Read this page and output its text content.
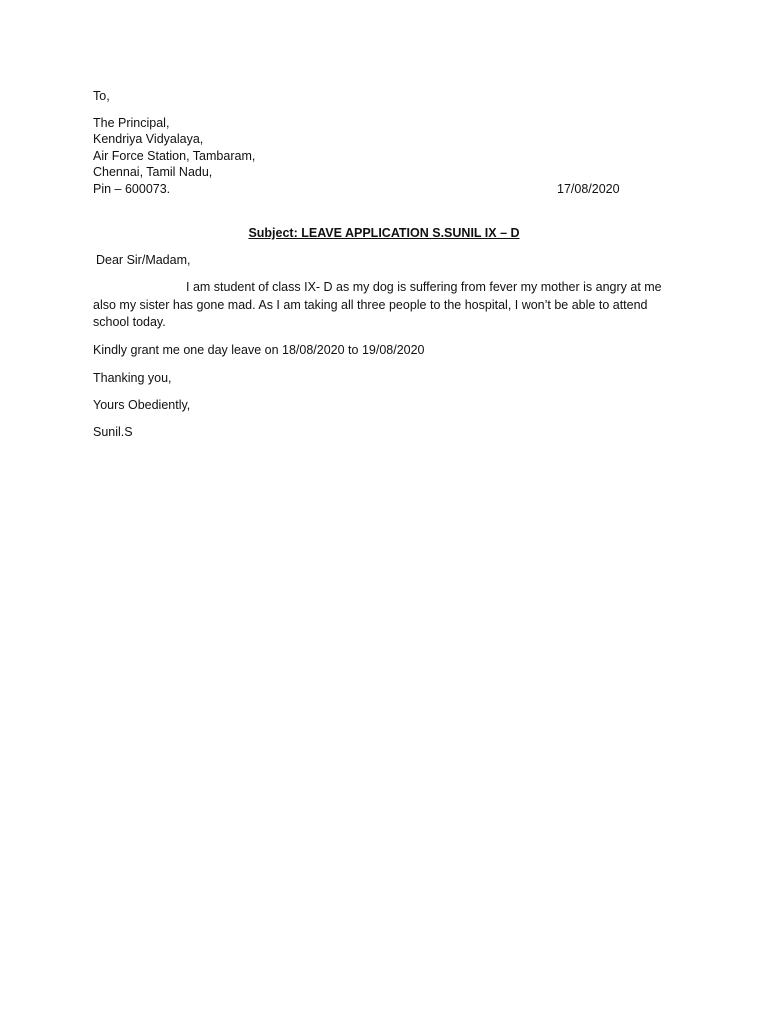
To,
The Principal,
Kendriya Vidyalaya,
Air Force Station, Tambaram,
Chennai, Tamil Nadu,
Pin – 600073.	17/08/2020
Subject: LEAVE APPLICATION S.SUNIL IX – D
Dear Sir/Madam,
I am student of class IX- D as my dog is suffering from fever my mother is angry at me also my sister has gone mad. As I am taking all three people to the hospital, I won’t be able to attend school today.
Kindly grant me one day leave on 18/08/2020 to 19/08/2020
Thanking you,
Yours Obediently,
Sunil.S
